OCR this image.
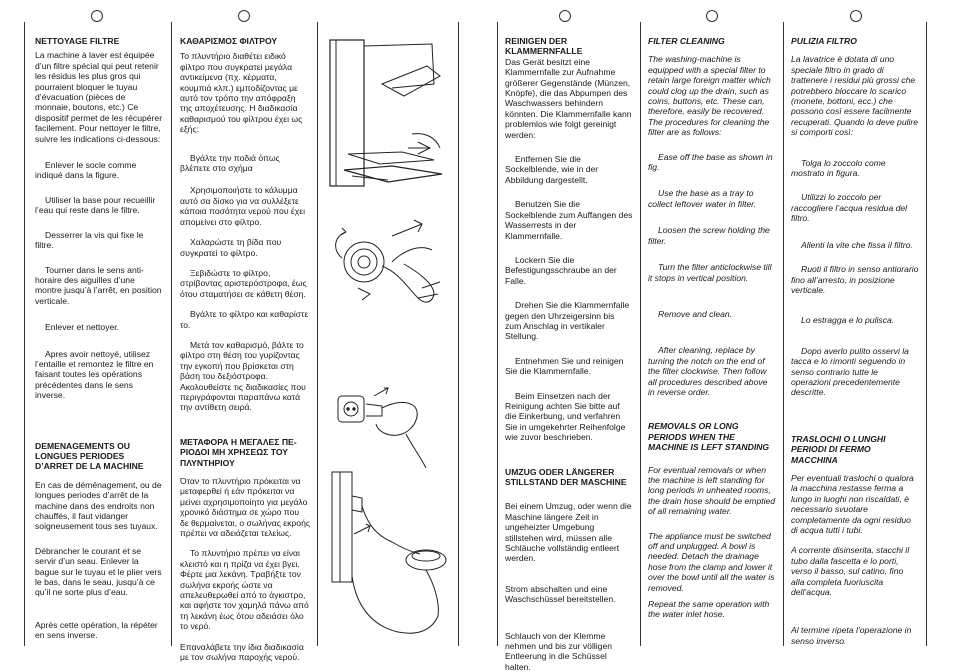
NETTOYAGE FILTRE

La machine à laver est équipée d’un filtre spécial qui peut retenir les résidus les plus gros qui pourraient bloquer le tuyau d’évacuation (pièces de monnaie, boutons, etc.) Ce dispositif permet de les récupérer facilement. Pour nettoyer le filtre, suivre les indications ci-dessous:

Enlever le socle comme indiqué dans la figure.

Utiliser la base pour recueillir l’eau qui reste dans le filtre.

Desserrer la vis qui fixe le filtre.

Tourner dans le sens anti-horaire des aiguilles d’une montre jusqu’à l’arrêt, en position verticale.

Enlever et nettoyer.

Apres avoir nettoyé, utilisez l’entaille et remontez le filtre en faisant toutes les opérations précédentes dans le sens inverse.

DEMENAGEMENTS OU LONGUES PERIODES D’ARRET DE LA MACHINE

En cas de déménagement, ou de longues periodes d’arrêt de la machine dans des endroits non chauffés, il faut vidanger soigneusement tous ses tuyaux.

Débrancher le courant et se servir d’un seau. Enlever la bague sur le tuyau et le plier vers le bas, dans le seau, jusqu’à ce qu’il ne sorte plus d’eau.

Après cette opération, la répéter en sens inverse.

ΚΑΘΑΡΙΣΜΟΣ ΦΙΛΤΡΟΥ

Το πλυντήριο διαθέτει ειδικό φίλτρο που συγκρατεί μεγάλα αντικείμενα (πχ. κέρματα, κουμπιά κλπ.) εμποδίζοντας με αυτό τον τρόπο την απόφραξη της αποχέτευσης. Η διαδικασία καθαρισμού του φίλτρου έχει ως εξής:

Βγάλτε την ποδιά όπως βλέπετε στο σχήμα

Χρησιμοποιήστε το κάλυμμα αυτό σα δίσκο για να συλλέξετε κάποια ποσότητα νερού που έχει απομείνει στο φίλτρο.

Χαλαρώστε τη βίδα που συγκρατεί το φίλτρο.

Ξεβιδώστε το φίλτρο, στρίβοντας αριστερόστροφα, έως ότου σταματήσει σε κάθετη θέση.

Βγάλτε το φίλτρο και καθαρίστε το.

Μετά τον καθαρισμό, βάλτε το φίλτρο στη θέση του γυρίζοντας την εγκοπή που βρίσκεται στη βάση του δεξιόστροφα. Ακολουθείστε τις διαδικασίες που περιγράφονται παραπάνω κατά την αντίθετη σειρά.

ΜΕΤΑΦΟΡΑ Η ΜΕΓΑΛΕΣ ΠΕ-ΡΙΟΔΟΙ ΜΗ ΧΡΗΣΕΩΣ ΤΟΥ ΠΛΥΝΤΗΡΙΟΥ

Όταν το πλυντήριο πρόκειται να μεταφερθεί ή εάν πρόκειται να μείνει αχρησιμοποίητο για μεγάλο χρονικό διάστημα σε χώρο που δε θερμαίνεται, ο σωλήνας εκροής πρέπει να αδειάζεται τελείως.

Το πλυντήριο πρέπει να είναι κλειστό και η πρίζα να έχει βγει. Φέρτε μια λεκάνη. Τραβήξτε τον σωλήνα εκροής ώστε να απελευθερωθεί από το άγκιστρο, και αφήστε τον χαμηλά πάνω από τη λεκάνη έως ότου αδειάσει όλο το νερό.

Επαναλάβετε την ίδια διαδικασία με τον σωλήνα παροχής νερού.

REINIGEN DER KLAMMERNFALLE

Das Gerät besitzt eine Klammernfalle zur Aufnahme größerer Gegenstände (Münzen, Knöpfe), die das Abpumpen des Waschwassers behindern könnten. Die Klammernfalle kann problemlos wie folgt gereinigt werden:

Entfernen Sie die Sockelblende, wie in der Abbildung dargestellt.

Benutzen Sie die Sockelblende zum Auffangen des Wasserrests in der Klammernfalle.

Lockern Sie die Befestigungsschraube an der Falle.

Drehen Sie die Klammernfalle gegen den Uhrzeigersinn bis zum Anschlag in vertikaler Stellung.

Entnehmen Sie und reinigen Sie die Klammernfalle.

Beim Einsetzen nach der Reinigung achten Sie bitte auf die Einkerbung, und verfahren Sie in umgekehrter Reihenfolge wie zuvor beschrieben.

UMZUG ODER LÄNGERER STILLSTAND DER MASCHINE

Bei einem Umzug, oder wenn die Maschine längere Zeit in ungeheizter Umgebung stillstehen wird, müssen alle Schläuche vollständig entleert werden.

Strom abschalten und eine Waschschüssel bereitstellen.

Schlauch von der Klemme nehmen und bis zur völligen Entleerung in die Schüssel halten.

FILTER CLEANING

The washing-machine is equipped with a special filter to retain large foreign matter which could clog up the drain, such as coins, buttons, etc. These can, therefore, easily be recovered. The procedures for cleaning the filter are as follows:

Ease off the base as shown in fig.

Use the base as a tray to collect leftover water in filter.

Loosen the screw holding the filter.

Turn the filter anticlockwise till it stops in vertical position.

Remove and clean.

After cleaning, replace by turning the notch on the end of the filter clockwise. Then follow all procedures described above in reverse order.

REMOVALS OR LONG PERIODS WHEN THE MACHINE IS LEFT STANDING

For eventual removals or when the machine is left standing for long periods in unheated rooms, the drain hose should be emptied of all remaining water.

The appliance must be switched off and unplugged. A bowl is needed. Detach the drainage hose from the clamp and lower it over the bowl until all the water is removed.

Repeat the same operation with the water inlet hose.

PULIZIA FILTRO

La lavatrice è dotata di uno speciale filtro in grado di trattenere i residui più grossi che potrebbero bloccare lo scarico (monete, bottoni, ecc.) che possono così essere facilmente recuperati. Quando lo deve pulire si comporti così:

Tolga lo zoccolo come mostrato in figura.

Utilizzi lo zoccolo per raccogliere l’acqua residua del filtro.

Allenti la vite che fissa il filtro.

Ruoti il filtro in senso antiorario fino all’arresto, in posizione verticale.

Lo estragga e lo pulisca.

Dopo averlo pulito osservi la tacca e lo rimonti seguendo in senso contrario tutte le operazioni precedentemente descritte.

TRASLOCHI O LUNGHI PERIODI DI FERMO MACCHINA

Per eventuali traslochi o qualora la macchina restasse ferma a lungo in luoghi non riscaldati, è necessario svuotare completamente da ogni residuo di acqua tutti i tubi.

A corrente disinserita, stacchi il tubo dalla fascetta e lo porti, verso il basso, sul catino, fino alla completa fuoriuscita dell’acqua.

Al termine ripeta l’operazione in senso inverso.
